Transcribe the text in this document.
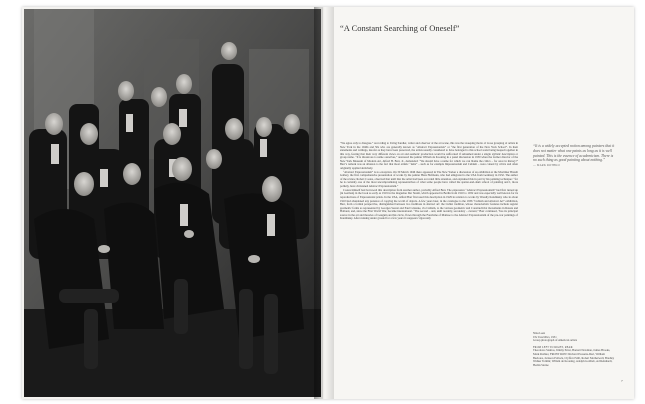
“A Constant Searching of Oneself”

“We agree only to disagree.” According to Irving Sandler, writer and observer of the art scene, this was the sweeping motto of loose grouping of artists in New York in the 1940s and 50s who are generally known as “Abstract Expressionists” or “the first generation of the New York School”. In their statements and writings, insofar as they have been preserved, the artists usually considered to have belonged to this school resist being heaped together in this way, fearing that their very different views on art and aesthetic production would be suffocated if subsumed under a single stylistic description or group name. “It is disastrous to name ourselves,” answered the painter Willem de Kooning in a panel discussion in 1950 when the former director of the New York Museum of Modern Art, Alfred H. Barr, Jr., demanded: “We should have a name for which we can blame the critics – for once in history!” Barr’s remark was an allusion to the fact that most artistic “isms” – such as for example Impressionism and Cubism – were coined by critics and often originally applied derisively.

“Abstract Expressionism” is no exception. On 30 March 1946 there appeared in The New Yorker a discussion of an exhibition at the Mortimer Brandt Gallery, the first comprehensive presentation of works by the painter Hans Hofmann, who had emigrated to the USA from Germany in 1932. The author of the review, Robert Coates, observed that until that the artist had been accorded little attention, and explained this in part by his painting technique: “for he is certainly one of the most uncompromising representatives of what some people have called the spatter-and-daub school of painting and I, more politely, have christened Abstract Expressionism.”

Coates himself had borrowed this description from another author, probably Alfred Barr. The expression “Abstract Expressionism” had first turned up (in German) in the book as early as 1919 in the magazine Der Sturm, which appeared in Berlin from 1910 to 1932 and was especially well known for its reproductions of Expressionist prints. In the USA, Alfred Barr first used this description in 1929 in relation to works by Wassily Kandinsky who in about 1910 had abandoned any pretence of copying the world of objects. A few years later, in the catalogue to the 1936 “Cubism and Abstract Art” exhibition, Barr, from a formal perspective, distinguished between two traditions in abstract art: the Cubist tradition, whose characteristic features include regular geometric forms as represented by Georges Seurat and Paul Cézanne, via Cubism, to the various geometric and Constructivist movements in Russia and Holland, and, since the First World War, became international. “The second – and, until recently, secondary – current,” Barr continued, “has its principal source in the art and theories of Gauguin and his circle, flows through the Fauvisme of Matisse to the Abstract Expressionism of the pre-war paintings of Kandinsky. After running under ground for a few years it reappears vigorously

“It is a widely accepted notion among painters that it does not matter what one paints as long as it is well painted. This is the essence of academicism. There is no such thing as good painting about nothing.”
— MARK ROTHKO
Nina Leen
The Irascibles, 1951
Group photograph of American artists
FROM LEFT TO RIGHT, REAR:
Theodoros Stamos, Jimmy Ernst, Barnett Newman, James Brooks, Mark Rothko; FRONT ROW: Richard Pousette-Dart, William Baziotes, Jackson Pollock, Clyfford Still, Robert Motherwell, Bradley Walker Tomlin; Willem de Kooning, Adolph Gottlieb, Ad Reinhardt, Hedda Sterne
7
